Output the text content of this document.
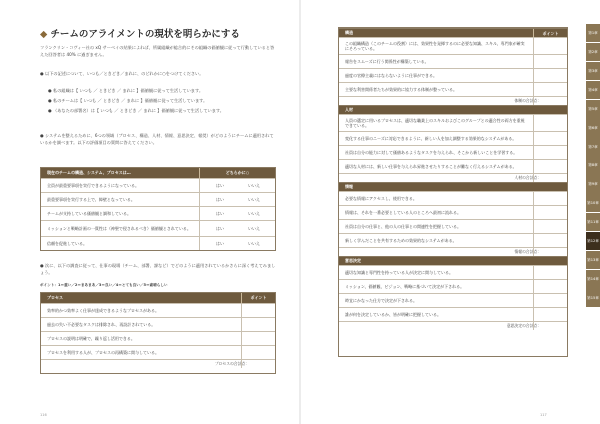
◆ チームのアライメントの現状を明らかにする
フランクリン・コヴィー社の xQ サーベイの結果によれば、所属組織が総合的にその組織の価値観に従って行動していると答えた回答者は 40% に過ぎません。
● 以下の記述について、いつも／ときどき／まれに、のどれかに○をつけてください。
● 私の組織は【 いつも ／ ときどき ／ まれに 】価値観に従って生活しています。
● 私のチームは【 いつも ／ ときどき ／ まれに 】価値観に従って生活しています。
● （あなたの部署名）は【 いつも ／ ときどき ／ まれに 】価値観に従って生活しています。
● システムを整えるために、6つの領域（プロセス、構造、人材、情報、意思決定、報奨）がどのようにチームに適用されているかを調べます。以下の評価項目の質問に答えてください。
現在のチームの構造、システム、プロセスは…	どちらかに○
全員が最重要事項を実行できるようになっている。	はい	いいえ
最重要事項を実行する上で、障壁となっている。	はい	いいえ
チームが支持している価値観と調和している。	はい	いいえ
ミッションと戦略計画の一貫性は（神聖で侵されるべき）価値観とされている。	はい	いいえ
信頼を促進している。	はい	いいえ
● 次に、以下の調査に従って、仕事の現場（チーム、部署、課など）でどのように適用されているかさらに深く考えてみましょう。
ポイント：1＝重い／2＝まあまあ／3＝良い／4＝とても良い／5＝素晴らしい
プロセス	ポイント
効率的かつ効率よく仕事が達成できるようなプロセスがある。
過去の失い不必要なタスクは排除され、再設計されている。
プロセスの説明は明確で、繰り返し活用できる。
プロセスを利用する人が、プロセスの再構築に関与している。
プロセスの合計点：
116
構造	ポイント
この組織構造（このチームの役割）には、効果性を発揮するのに必要な知識、スキル、専門家が確実にそろっている。
報告をスムーズに行う関係性が構築している。
過度の官僚主義にはならないように仕事ができる。
主要な利害関係者たちが効果的に協力する体制が整っている。
体制の合計点：
人材
人員の選定に用いるプロセスは、適切な職業上のスキルおよびこのグループとの適合性の両方を重視できている。
変化する仕事のニーズに対応できるように、新しい人を加え調整する効果的なシステムがある。
社員は自分の能力に対して価値あるようなタスクを与えられ、そこから新しいことを学習する。
適切な人材には、新しい仕事を与えられ昇進させたりすることが難なく行えるシステムがある。
人材の合計点：
情報
必要な情報にアクセスし、使用できる。
情報は、それを一番必要としている人のところへ最初に流れる。
社員は自分の仕事と、他の人の仕事との関連性を把握している。
新しく学んだことを共有するための効果的なシステムがある。
情報の合計点：
意思決定
適切な知識と専門性を持っている人が決定に関与している。
ミッション、価値観、ビジョン、戦略に基づいて決定が下される。
時宜にかなった仕方で決定が下される。
誰が何を決定しているか、皆が明確に把握している。
意思決定の合計点：
第1章
第2章
第3章
第4章
第5章
第6章
第7章
第8章
第9章
第10章
第11章
第12章
第13章
第14章
第15章
117
